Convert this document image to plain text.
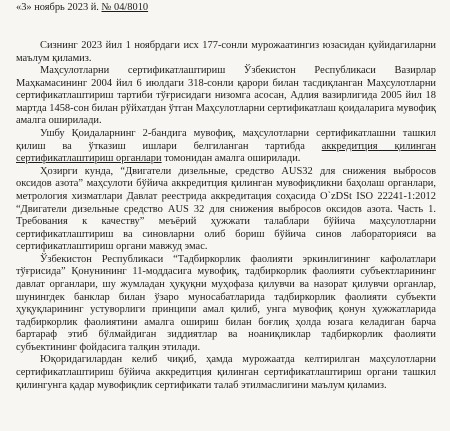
«3» ноябрь 2023 й. № 04/8010

Сизнинг 2023 йил 1 ноябрдаги исх 177-сонли мурожаатингиз юзасидан қуйидагиларни маълум қиламиз.

Маҳсулотларни сертификатлаштириш Ўзбекистон Республикаси Вазирлар Маҳкамасининг 2004 йил 6 июлдаги 318-сонли қарори билан тасдиқланган Маҳсулотларни сертификатлаштириш тартиби тўғрисидаги низомга асосан, Адлия вазирлигида 2005 йил 18 мартда 1458-сон билан рўйхатдан ўтган Маҳсулотларни сертификатлаш қоидаларига мувофиқ амалга оширилади.

Ушбу Қоидаларнинг 2-бандига мувофиқ, маҳсулотларни сертификатлашни ташкил қилиш ва ўтказиш ишлари белгиланган тартибда аккредитция қилинган сертификатлаштириш органлари томонидан амалга оширилади.

Ҳозирги кунда, “Двигатели дизельные, средство AUS32 для снижения выбросов оксидов азота” маҳсулоти бўйича аккредитция қилинган мувофиқликни баҳолаш органлари, метрология хизматлари Давлат реестрида аккредитация соҳасида O`zDSt ISO 22241-1:2012 “Двигатели дизельные средство AUS 32 для снижения выбросов оксидов азота. Часть 1. Требования к качеству” меъёрий ҳужжати талаблари бўйича маҳсулотларни сертификатлаштириш ва синовларни олиб бориш бўйича синов лабораторияси ва сертификатлаштириш органи мавжуд эмас.

Ўзбекистон Республикаси “Тадбиркорлик фаолияти эркинлигининг кафолатлари тўғрисида” Қонунининг 11-моддасига мувофиқ, тадбиркорлик фаолияти субъектларининг давлат органлари, шу жумладан ҳуқуқни муҳофаза қилувчи ва назорат қилувчи органлар, шунингдек банклар билан ўзаро муносабатларида тадбиркорлик фаолияти субъекти ҳуқуқларининг устуворлиги принципи амал қилиб, унга мувофиқ қонун ҳужжатларида тадбиркорлик фаолиятини амалга ошириш билан боғлиқ ҳолда юзага келадиган барча бартараф этиб бўлмайдиган зиддиятлар ва ноаниқликлар тадбиркорлик фаолияти субъектининг фойдасига талқин этилади.

Юқоридагилардан келиб чиқиб, ҳамда мурожаатда келтирилган маҳсулотларни сертификатлаштириш бўйича аккредитция қилинган сертификатлаштириш органи ташкил қилингунга қадар мувофиқлик сертификати талаб этилмаслигини маълум қиламиз.
